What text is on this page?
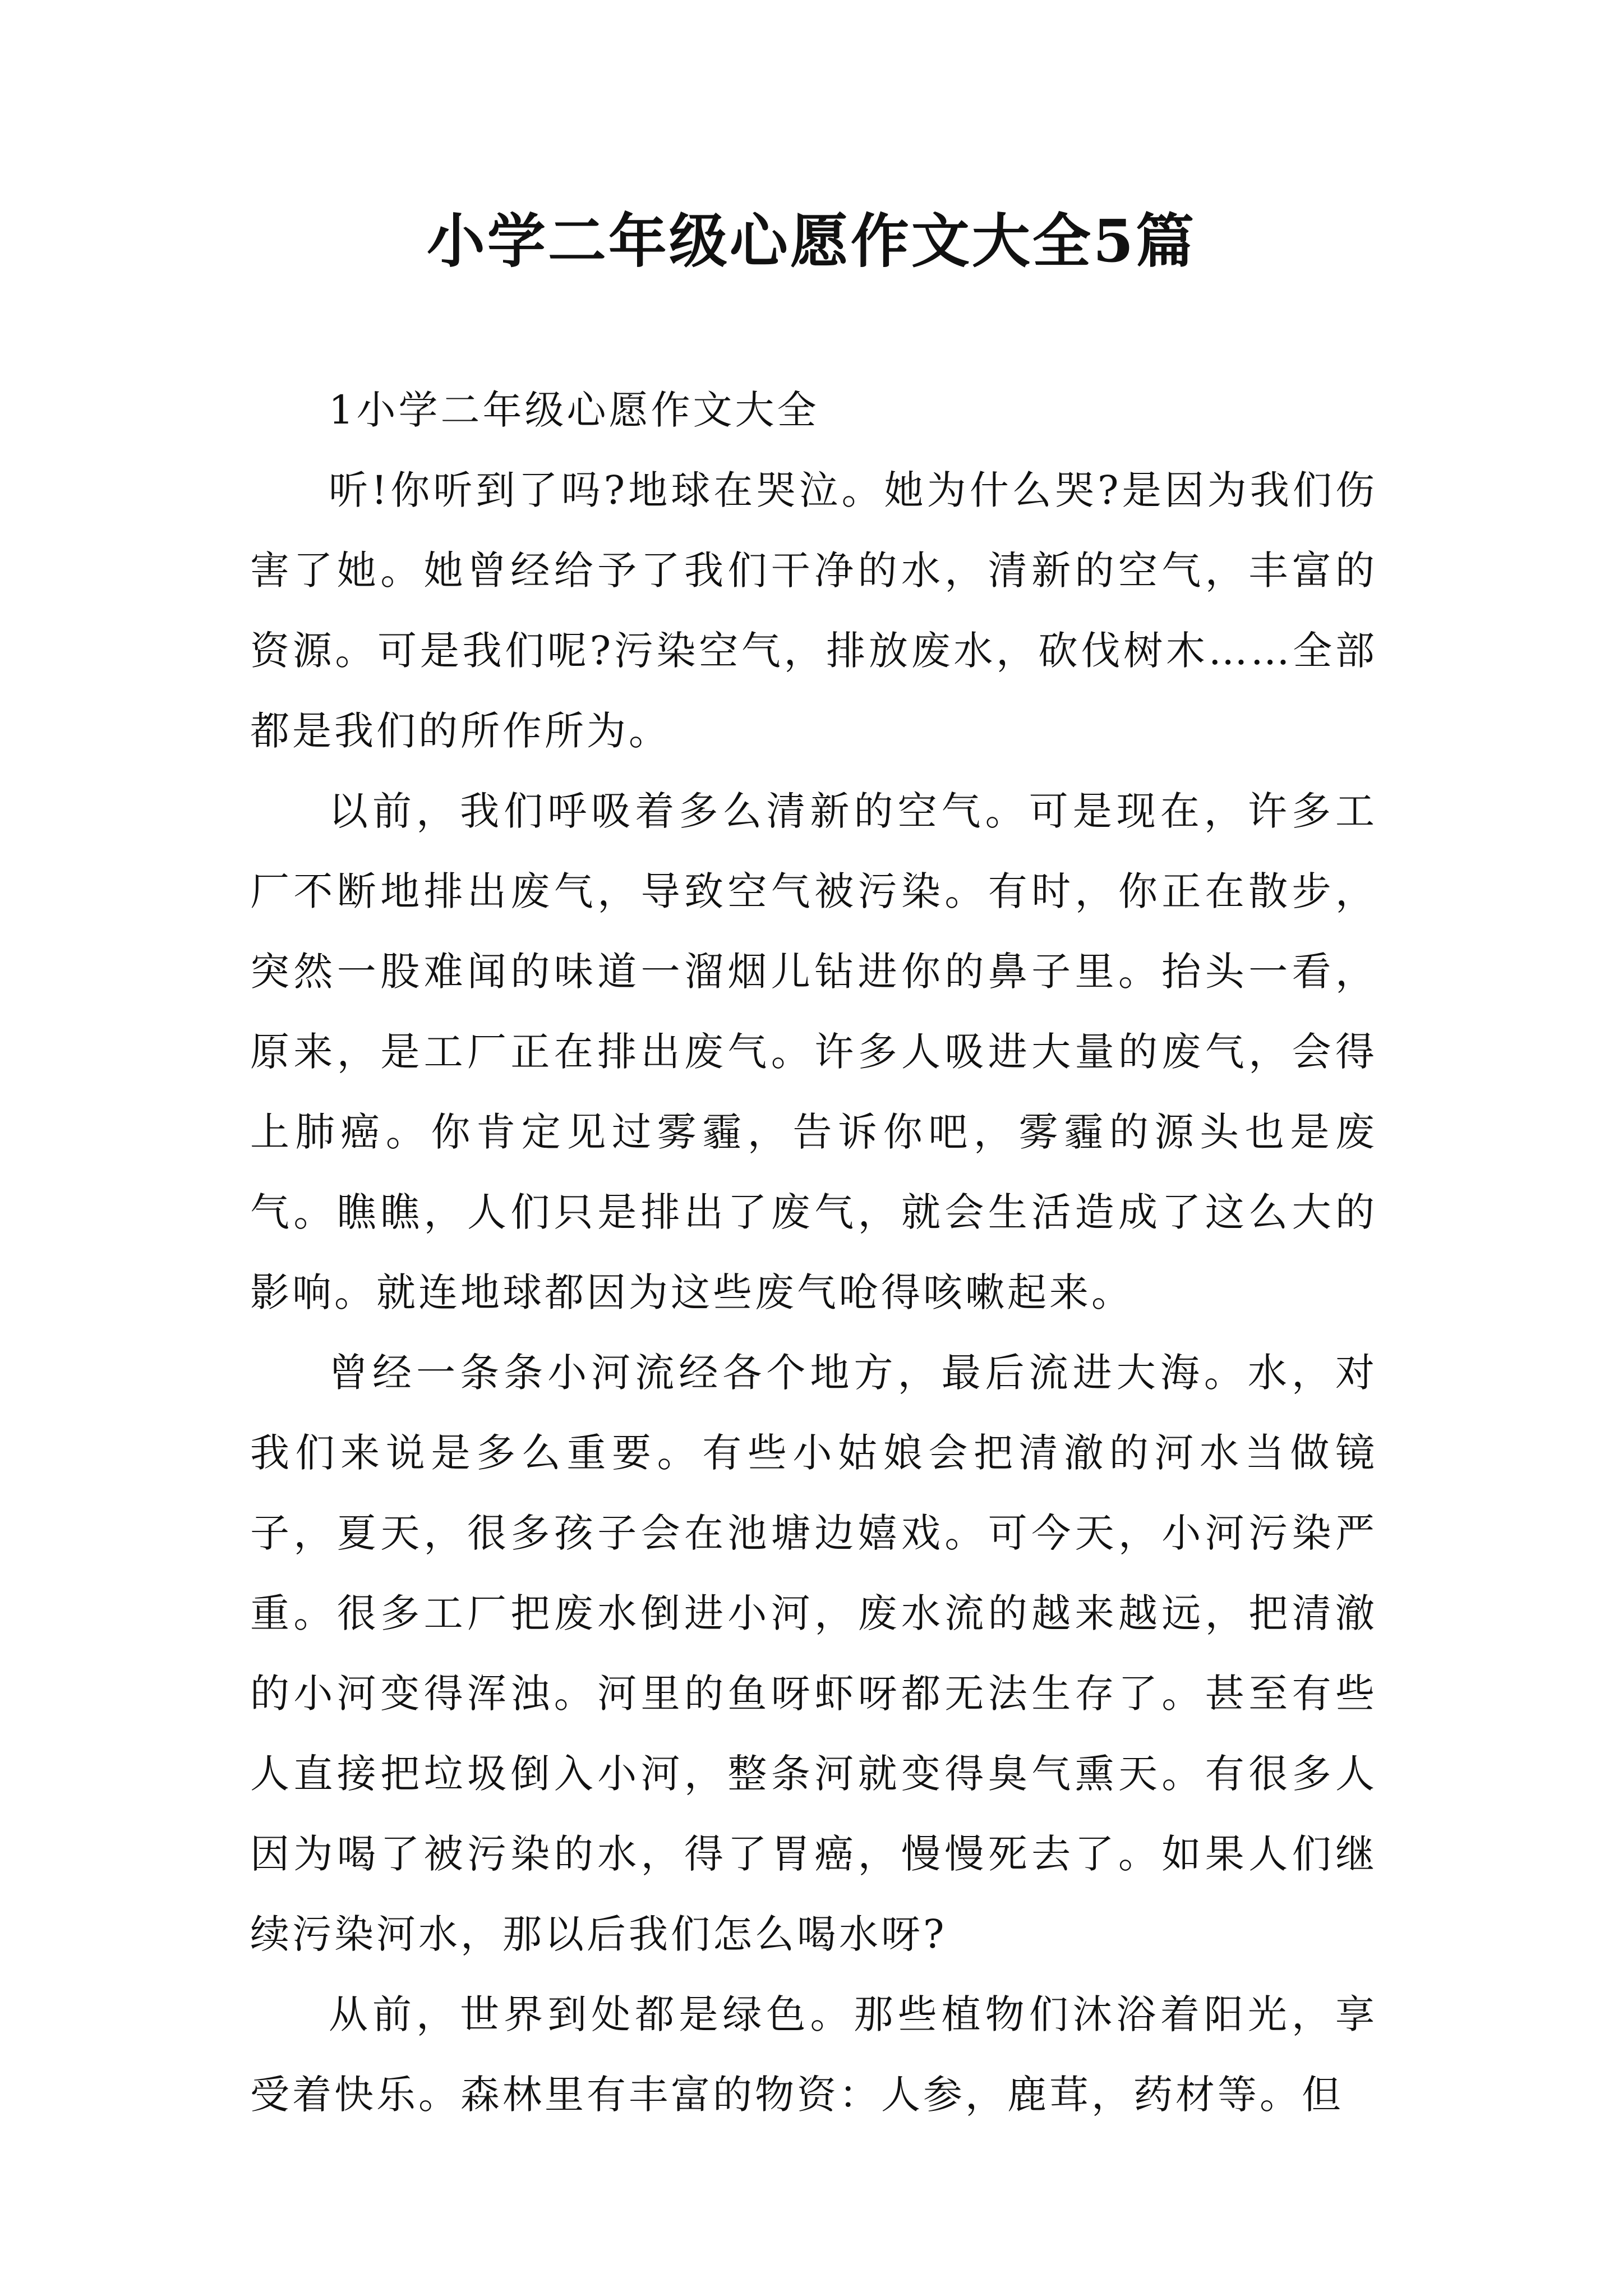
小学二年级心愿作文大全5篇

1小学二年级心愿作文大全

听!你听到了吗?地球在哭泣。她为什么哭?是因为我们伤害了她。她曾经给予了我们干净的水，清新的空气，丰富的资源。可是我们呢?污染空气，排放废水，砍伐树木……全部都是我们的所作所为。

以前，我们呼吸着多么清新的空气。可是现在，许多工厂不断地排出废气，导致空气被污染。有时，你正在散步，突然一股难闻的味道一溜烟儿钻进你的鼻子里。抬头一看，原来，是工厂正在排出废气。许多人吸进大量的废气，会得上肺癌。你肯定见过雾霾，告诉你吧，雾霾的源头也是废气。瞧瞧，人们只是排出了废气，就会生活造成了这么大的影响。就连地球都因为这些废气呛得咳嗽起来。

曾经一条条小河流经各个地方，最后流进大海。水，对我们来说是多么重要。有些小姑娘会把清澈的河水当做镜子，夏天，很多孩子会在池塘边嬉戏。可今天，小河污染严重。很多工厂把废水倒进小河，废水流的越来越远，把清澈的小河变得浑浊。河里的鱼呀虾呀都无法生存了。甚至有些人直接把垃圾倒入小河，整条河就变得臭气熏天。有很多人因为喝了被污染的水，得了胃癌，慢慢死去了。如果人们继续污染河水，那以后我们怎么喝水呀?

从前，世界到处都是绿色。那些植物们沐浴着阳光，享受着快乐。森林里有丰富的物资：人参，鹿茸，药材等。但
